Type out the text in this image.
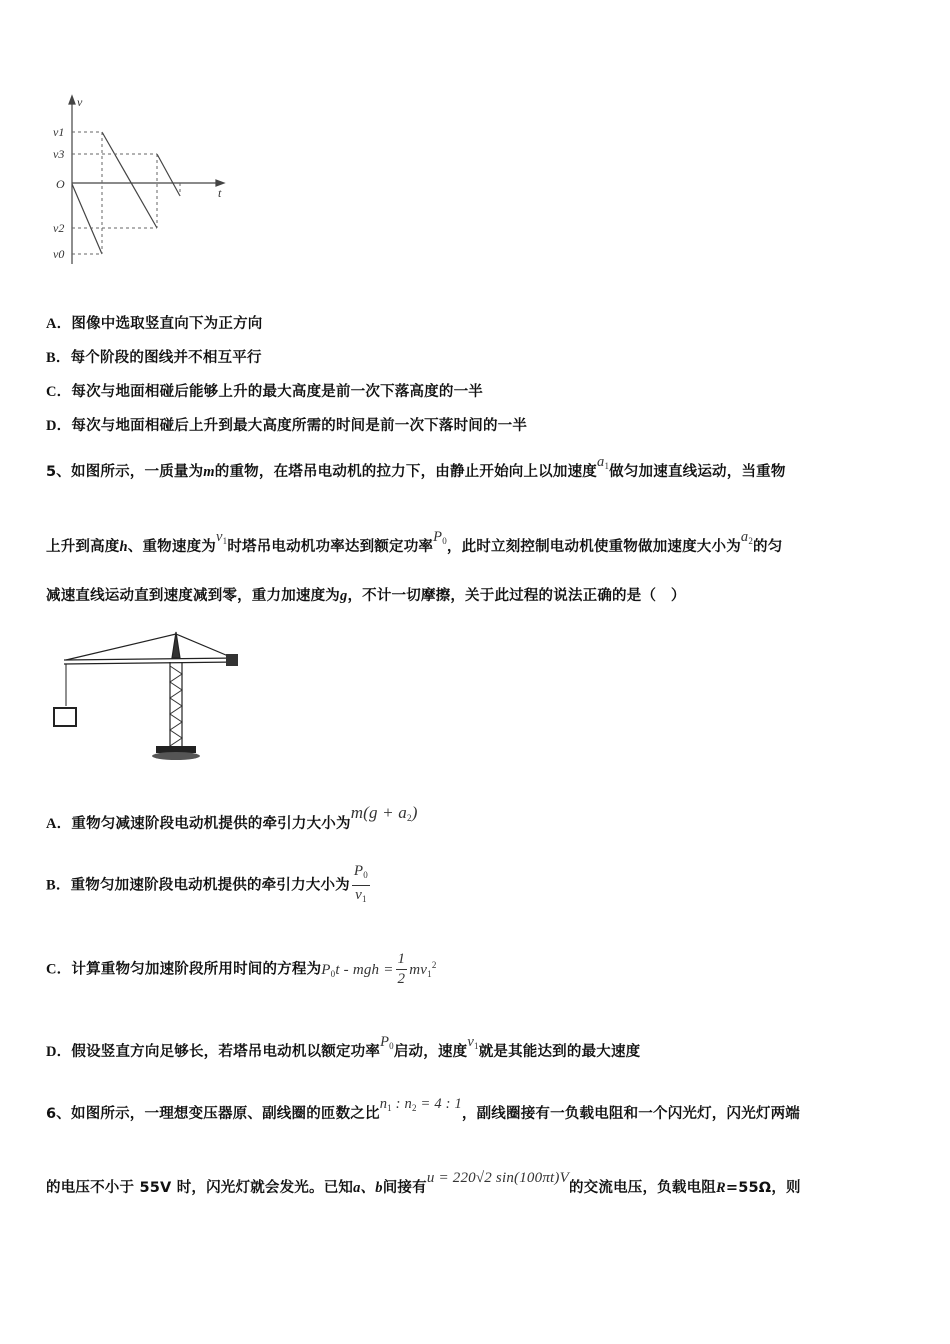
v
t
O
v1
v3
v2
v0
A．图像中选取竖直向下为正方向
B．每个阶段的图线并不相互平行
C．每次与地面相碰后能够上升的最大高度是前一次下落高度的一半
D．每次与地面相碰后上升到最大高度所需的时间是前一次下落时间的一半
5、如图所示，一质量为m的重物，在塔吊电动机的拉力下，由静止开始向上以加速度$a_1$做匀加速直线运动，当重物
上升到高度h、重物速度为$v_1$时塔吊电动机功率达到额定功率$P_0$，此时立刻控制电动机使重物做加速度大小为$a_2$的匀
减速直线运动直到速度减到零，重力加速度为g，不计一切摩擦，关于此过程的说法正确的是（　）
A．重物匀减速阶段电动机提供的牵引力大小为$m(g + a_2)$
B．重物匀加速阶段电动机提供的牵引力大小为 $\frac{P_0}{v_1}$
C．计算重物匀加速阶段所用时间的方程为$P_0t$ - mgh = $\frac{1}{2} mv_1^2$
D．假设竖直方向足够长，若塔吊电动机以额定功率$P_0$启动，速度$v_1$就是其能达到的最大速度
6、如图所示，一理想变压器原、副线圈的匝数之比$n_1$ : $n_2 = 4$ : 1，副线圈接有一负载电阻和一个闪光灯，闪光灯两端
的电压不小于 55V 时，闪光灯就会发光。已知a、b间接有u = 220√2 sin(100πt)V的交流电压，负载电阻R=55Ω，则
